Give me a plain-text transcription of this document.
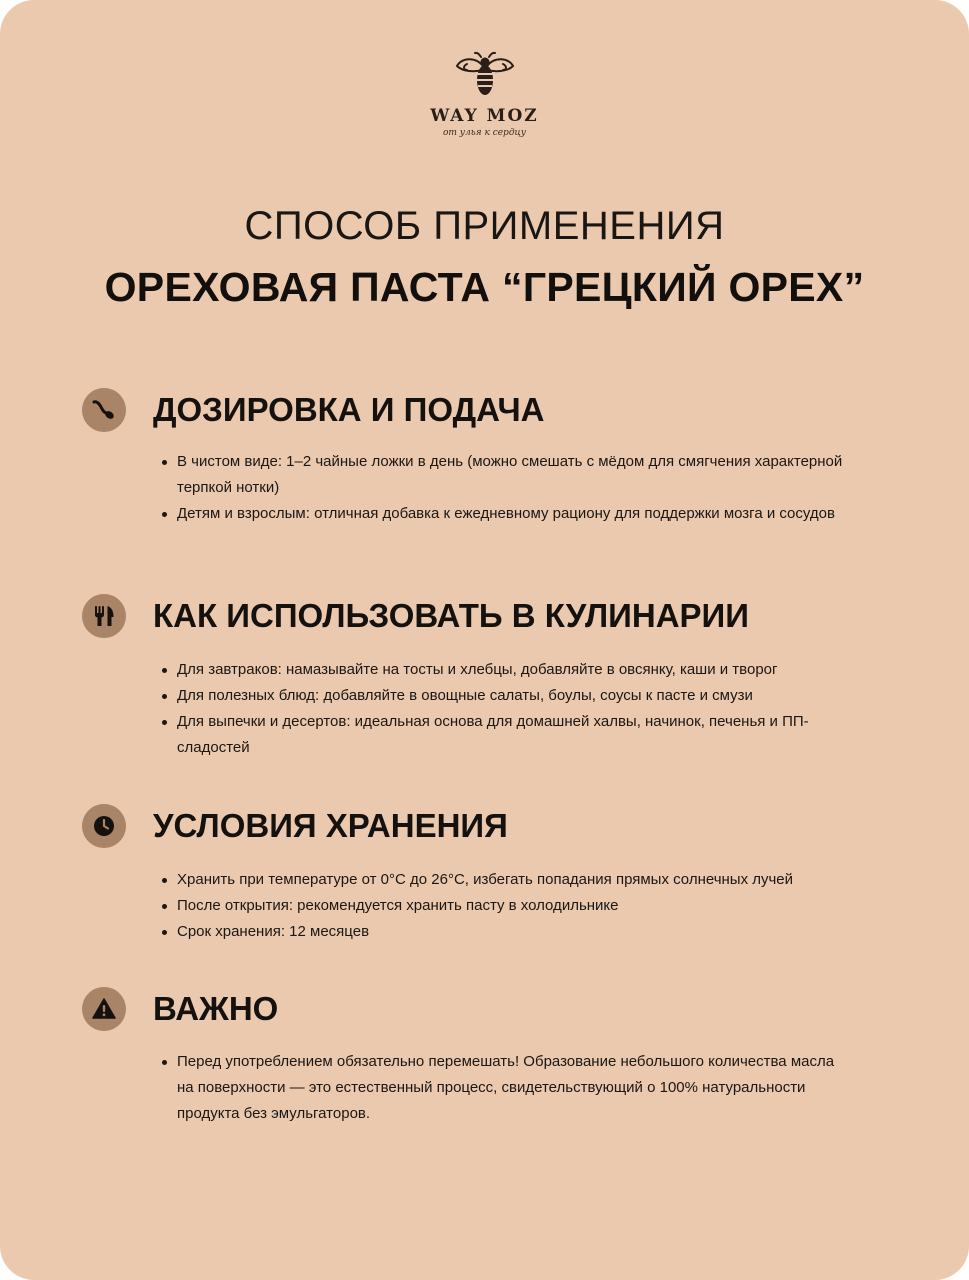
WAY MOZ
от улья к сердцу
СПОСОБ ПРИМЕНЕНИЯ
ОРЕХОВАЯ ПАСТА “ГРЕЦКИЙ ОРЕХ”
ДОЗИРОВКА И ПОДАЧА
В чистом виде: 1–2 чайные ложки в день (можно смешать с мёдом для смягчения характерной терпкой нотки)
Детям и взрослым: отличная добавка к ежедневному рациону для поддержки мозга и сосудов
КАК ИСПОЛЬЗОВАТЬ В КУЛИНАРИИ
Для завтраков: намазывайте на тосты и хлебцы, добавляйте в овсянку, каши и творог
Для полезных блюд: добавляйте в овощные салаты, боулы, соусы к пасте и смузи
Для выпечки и десертов: идеальная основа для домашней халвы, начинок, печенья и ПП-сладостей
УСЛОВИЯ ХРАНЕНИЯ
Хранить при температуре от 0°C до 26°C, избегать попадания прямых солнечных лучей
После открытия: рекомендуется хранить пасту в холодильнике
Срок хранения: 12 месяцев
ВАЖНО
Перед употреблением обязательно перемешать! Образование небольшого количества масла на поверхности — это естественный процесс, свидетельствующий о 100% натуральности продукта без эмульгаторов.
